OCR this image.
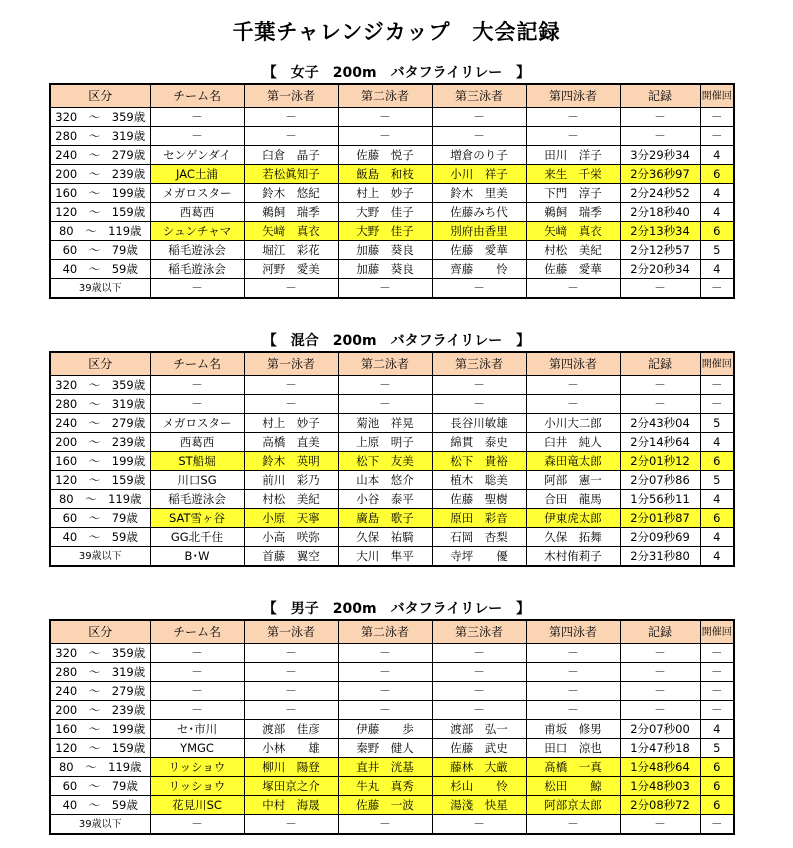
千葉チャレンジカップ　大会記録
【　女子　200m　バタフライリレー　】
区分	チーム名	第一泳者	第二泳者	第三泳者	第四泳者	記録	開催回
320　～　359歳	－	－	－	－	－	－	－
280　～　319歳	－	－	－	－	－	－	－
240　～　279歳	センゲンダイ	臼倉　晶子	佐藤　悦子	増倉のり子	田川　洋子	3分29秒34	4
200　～　239歳	JAC土浦	若松眞知子	飯島　和枝	小川　祥子	来生　千栄	2分36秒97	6
160　～　199歳	メガロスター	鈴木　悠紀	村上　妙子	鈴木　里美	下門　淳子	2分24秒52	4
120　～　159歳	西葛西	鵜飼　瑞季	大野　佳子	佐藤みち代	鵜飼　瑞季	2分18秒40	4
80　～　119歳	シュンチャマ	矢﨑　真衣	大野　佳子	別府由香里	矢﨑　真衣	2分13秒34	6
60　～　79歳	稲毛遊泳会	堀江　彩花	加藤　葵良	佐藤　愛華	村松　美紀	2分12秒57	5
40　～　59歳	稲毛遊泳会	河野　愛美	加藤　葵良	齊藤　　怜	佐藤　愛華	2分20秒34	4
39歳以下	－	－	－	－	－	－	－
【　混合　200m　バタフライリレー　】
区分	チーム名	第一泳者	第二泳者	第三泳者	第四泳者	記録	開催回
320　～　359歳	－	－	－	－	－	－	－
280　～　319歳	－	－	－	－	－	－	－
240　～　279歳	メガロスター	村上　妙子	菊池　祥晃	長谷川敏雄	小川大二郎	2分43秒04	5
200　～　239歳	西葛西	高橋　直美	上原　明子	綿貫　泰史	臼井　純人	2分14秒64	4
160　～　199歳	ST船堀	鈴木　英明	松下　友美	松下　貴裕	森田竜太郎	2分01秒12	6
120　～　159歳	川口SG	前川　彩乃	山本　悠介	植木　聡美	阿部　憲一	2分07秒86	5
80　～　119歳	稲毛遊泳会	村松　美紀	小谷　泰平	佐藤　聖樹	合田　龍馬	1分56秒11	4
60　～　79歳	SAT雪ヶ谷	小原　天寧	廣島　歌子	原田　彩音	伊東虎太郎	2分01秒87	6
40　～　59歳	GG北千住	小高　咲弥	久保　祐騎	石岡　杏梨	久保　拓舞	2分09秒69	4
39歳以下	B･W	首藤　翼空	大川　隼平	寺坪　　優	木村侑莉子	2分31秒80	4
【　男子　200m　バタフライリレー　】
区分	チーム名	第一泳者	第二泳者	第三泳者	第四泳者	記録	開催回
320　～　359歳	－	－	－	－	－	－	－
280　～　319歳	－	－	－	－	－	－	－
240　～　279歳	－	－	－	－	－	－	－
200　～　239歳	－	－	－	－	－	－	－
160　～　199歳	セ･市川	渡部　佳彦	伊藤　　歩	渡部　弘一	甫坂　修男	2分07秒00	4
120　～　159歳	YMGC	小林　　雄	秦野　健人	佐藤　武史	田口　涼也	1分47秒18	5
80　～　119歳	リッショウ	柳川　陽登	直井　洸基	藤林　大厳	髙橋　一真	1分48秒64	6
60　～　79歳	リッショウ	塚田京之介	牛丸　真秀	杉山　　怜	松田　　鯨	1分48秒03	6
40　～　59歳	花見川SC	中村　海晟	佐藤　一波	湯淺　快星	阿部京太郎	2分08秒72	6
39歳以下	－	－	－	－	－	－	－
